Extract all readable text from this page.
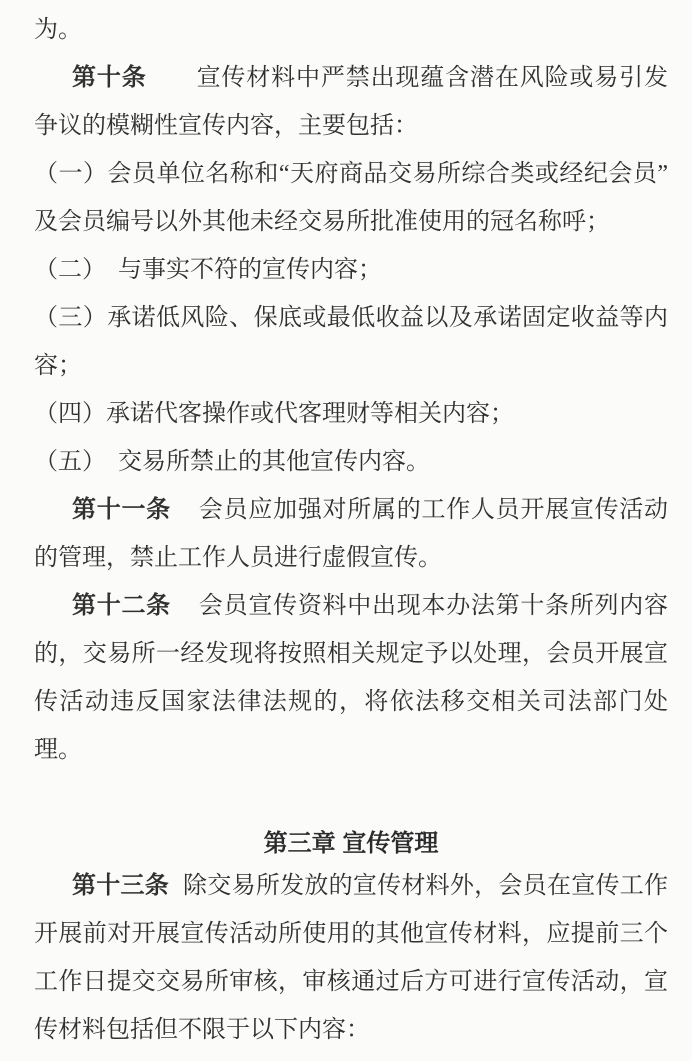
为。

第十条 宣传材料中严禁出现蕴含潜在风险或易引发争议的模糊性宣传内容，主要包括：

（一）会员单位名称和“天府商品交易所综合类或经纪会员”及会员编号以外其他未经交易所批准使用的冠名称呼；

（二）　与事实不符的宣传内容；

（三）承诺低风险、保底或最低收益以及承诺固定收益等内容；

（四）承诺代客操作或代客理财等相关内容；

（五）　交易所禁止的其他宣传内容。

第十一条 会员应加强对所属的工作人员开展宣传活动的管理，禁止工作人员进行虚假宣传。

第十二条 会员宣传资料中出现本办法第十条所列内容的，交易所一经发现将按照相关规定予以处理，会员开展宣传活动违反国家法律法规的，将依法移交相关司法部门处理。

第三章 宣传管理

第十三条 除交易所发放的宣传材料外，会员在宣传工作开展前对开展宣传活动所使用的其他宣传材料，应提前三个工作日提交交易所审核，审核通过后方可进行宣传活动，宣传材料包括但不限于以下内容：
